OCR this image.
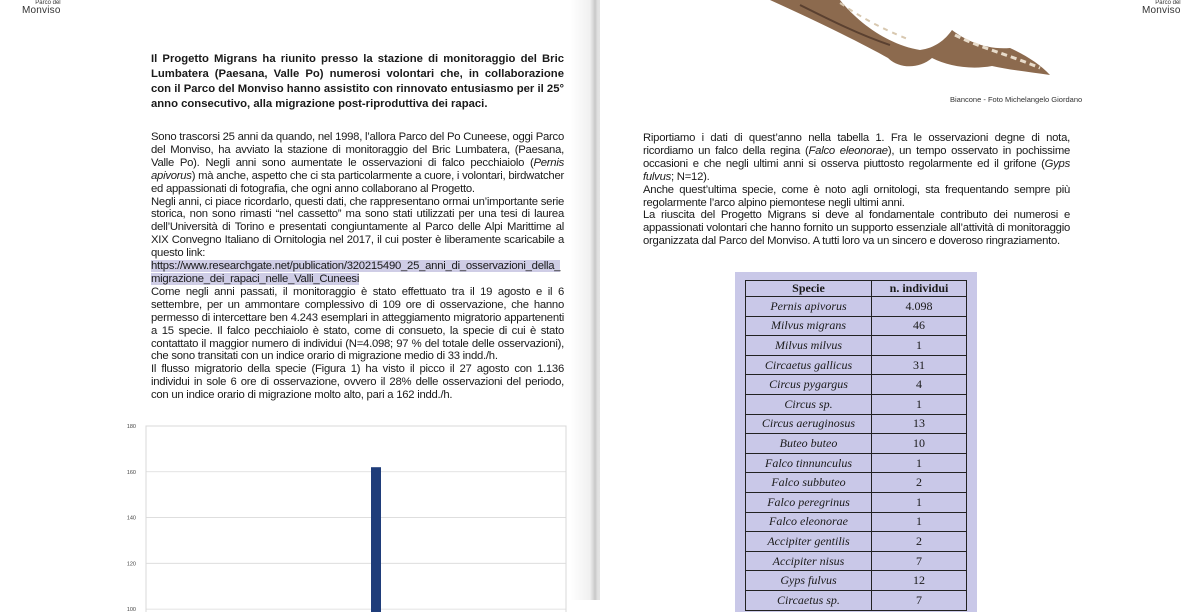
Parco del
Monviso
Il Progetto Migrans ha riunito presso la stazione di monitoraggio del Bric Lumbatera (Paesana, Valle Po) numerosi volontari che, in collaborazione con il Parco del Monviso hanno assistito con rinnovato entusiasmo per il 25° anno consecutivo, alla migrazione post-riproduttiva dei rapaci.

Sono trascorsi 25 anni da quando, nel 1998, l’allora Parco del Po Cuneese, oggi Parco del Monviso, ha avviato la stazione di monitoraggio del Bric Lumbatera, (Paesana, Valle Po). Negli anni sono aumentate le osservazioni di falco pecchiaiolo (Pernis apivorus) mà anche, aspetto che ci sta particolarmente a cuore, i volontari, birdwatcher ed appassionati di fotografia, che ogni anno collaborano al Progetto.

Negli anni, ci piace ricordarlo, questi dati, che rappresentano ormai un’importante serie storica, non sono rimasti “nel cassetto” ma sono stati utilizzati per una tesi di laurea dell’Università di Torino e presentati congiuntamente al Parco delle Alpi Marittime al XIX Convegno Italiano di Ornitologia nel 2017, il cui poster è liberamente scaricabile a questo link:

https://www.researchgate.net/publication/320215490_25_anni_di_osservazioni_della_migrazione_dei_rapaci_nelle_Valli_Cuneesi

Come negli anni passati, il monitoraggio è stato effettuato tra il 19 agosto e il 6 settembre, per un ammontare complessivo di 109 ore di osservazione, che hanno permesso di intercettare ben 4.243 esemplari in atteggiamento migratorio appartenenti a 15 specie. Il falco pecchiaiolo è stato, come di consueto, la specie di cui è stato contattato il maggior numero di individui (N=4.098; 97 % del totale delle osservazioni), che sono transitati con un indice orario di migrazione medio di 33 indd./h.

Il flusso migratorio della specie (Figura 1) ha visto il picco il 27 agosto con 1.136 individui in sole 6 ore di osservazione, ovvero il 28% delle osservazioni del periodo, con un indice orario di migrazione molto alto, pari a 162 indd./h.

100
120
140
160
180
Parco del
Monviso
Biancone - Foto Michelangelo Giordano

Riportiamo i dati di quest’anno nella tabella 1. Fra le osservazioni degne di nota, ricordiamo un falco della regina (Falco eleonorae), un tempo osservato in pochissime occasioni e che negli ultimi anni si osserva piuttosto regolarmente ed il grifone (Gyps fulvus; N=12).

Anche quest’ultima specie, come è noto agli ornitologi, sta frequentando sempre più regolarmente l’arco alpino piemontese negli ultimi anni.

La riuscita del Progetto Migrans si deve al fondamentale contributo dei numerosi e appassionati volontari che hanno fornito un supporto essenziale all’attività di monitoraggio organizzata dal Parco del Monviso. A tutti loro va un sincero e doveroso ringraziamento.

Specie	n. individui
Pernis apivorus	4.098
Milvus migrans	46
Milvus milvus	1
Circaetus gallicus	31
Circus pygargus	4
Circus sp.	1
Circus aeruginosus	13
Buteo buteo	10
Falco tinnunculus	1
Falco subbuteo	2
Falco peregrinus	1
Falco eleonorae	1
Accipiter gentilis	2
Accipiter nisus	7
Gyps fulvus	12
Circaetus sp.	7
